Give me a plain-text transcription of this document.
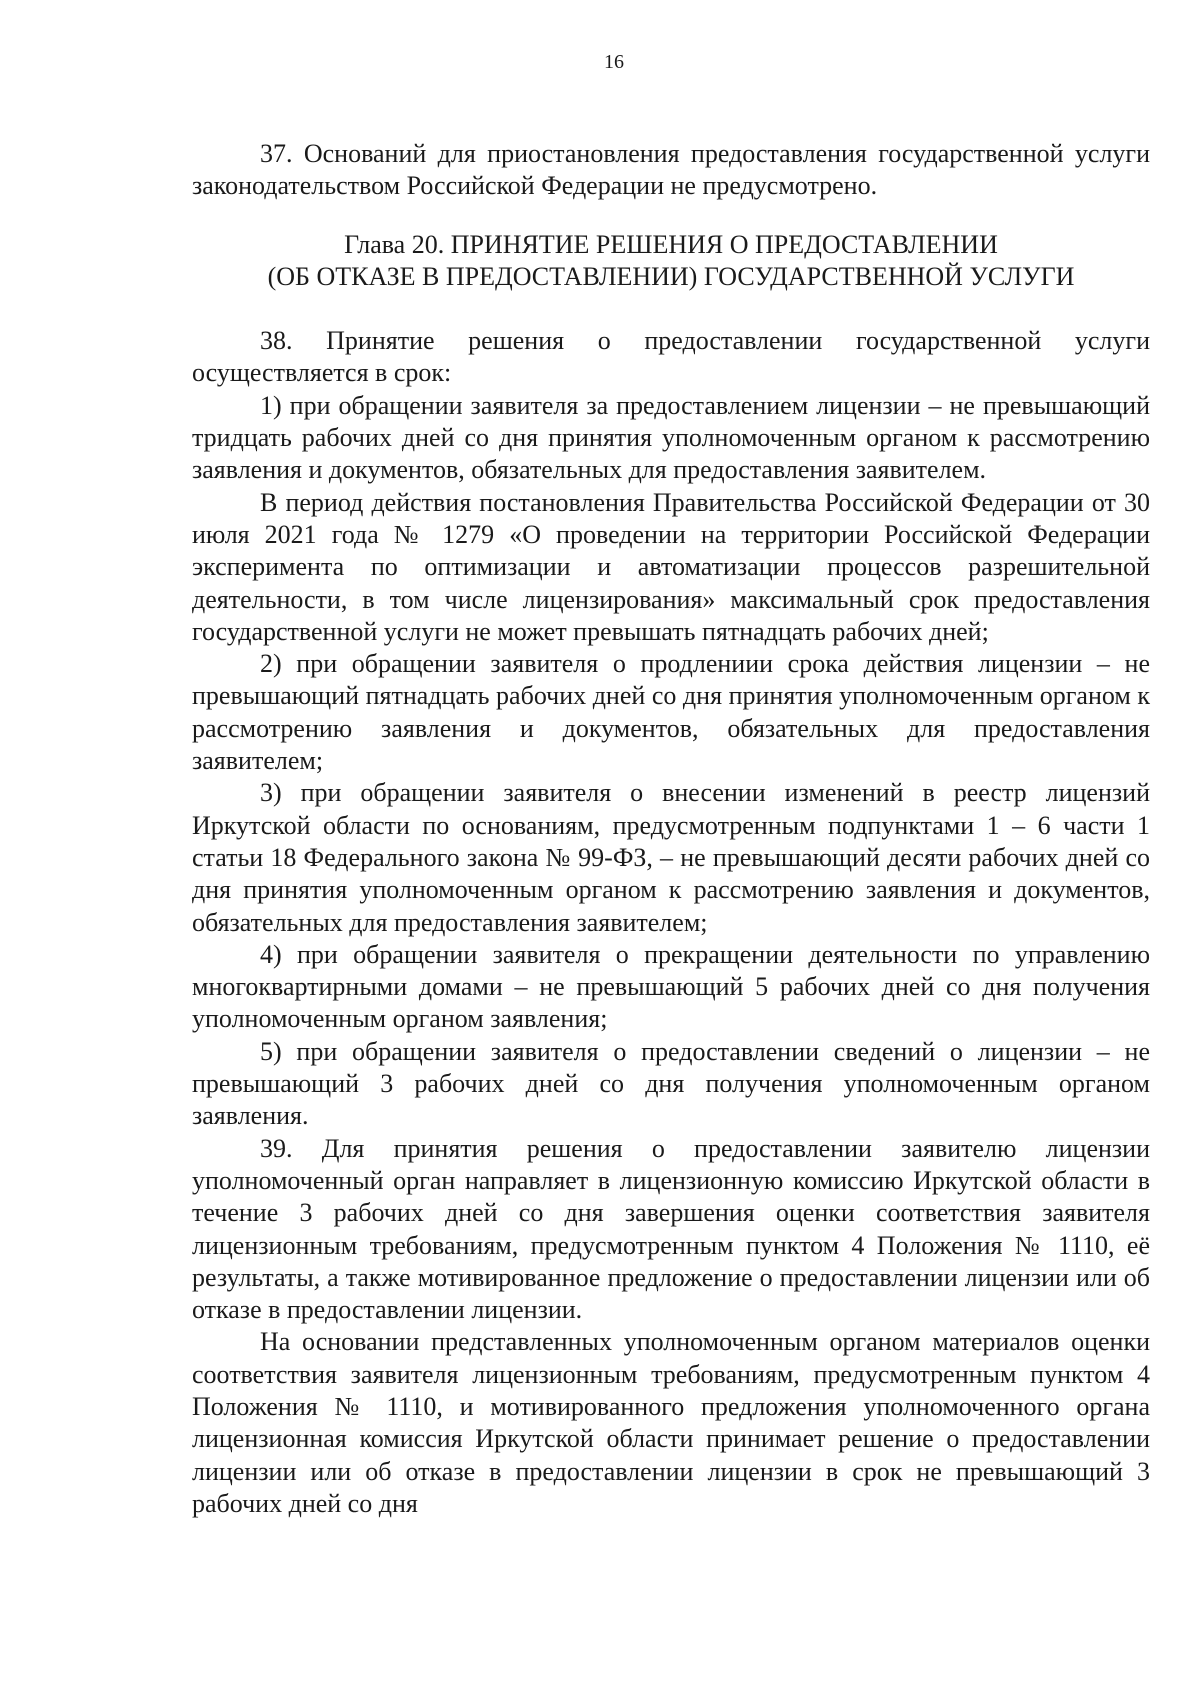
16

37. Оснований для приостановления предоставления государственной услуги законодательством Российской Федерации не предусмотрено.

Глава 20. ПРИНЯТИЕ РЕШЕНИЯ О ПРЕДОСТАВЛЕНИИ
(ОБ ОТКАЗЕ В ПРЕДОСТАВЛЕНИИ) ГОСУДАРСТВЕННОЙ УСЛУГИ

38. Принятие решения о предоставлении государственной услуги осуществляется в срок:

1) при обращении заявителя за предоставлением лицензии – не превышающий тридцать рабочих дней со дня принятия уполномоченным органом к рассмотрению заявления и документов, обязательных для предоставления заявителем.

В период действия постановления Правительства Российской Федерации от 30 июля 2021 года № 1279 «О проведении на территории Российской Федерации эксперимента по оптимизации и автоматизации процессов разрешительной деятельности, в том числе лицензирования» максимальный срок предоставления государственной услуги не может превышать пятнадцать рабочих дней;

2) при обращении заявителя о продлениии срока действия лицензии – не превышающий пятнадцать рабочих дней со дня принятия уполномоченным органом к рассмотрению заявления и документов, обязательных для предоставления заявителем;

3) при обращении заявителя о внесении изменений в реестр лицензий Иркутской области по основаниям, предусмотренным подпунктами 1 – 6 части 1 статьи 18 Федерального закона № 99-ФЗ, – не превышающий десяти рабочих дней со дня принятия уполномоченным органом к рассмотрению заявления и документов, обязательных для предоставления заявителем;

4) при обращении заявителя о прекращении деятельности по управлению многоквартирными домами – не превышающий 5 рабочих дней со дня получения уполномоченным органом заявления;

5) при обращении заявителя о предоставлении сведений о лицензии – не превышающий 3 рабочих дней со дня получения уполномоченным органом заявления.

39. Для принятия решения о предоставлении заявителю лицензии уполномоченный орган направляет в лицензионную комиссию Иркутской области в течение 3 рабочих дней со дня завершения оценки соответствия заявителя лицензионным требованиям, предусмотренным пунктом 4 Положения № 1110, её результаты, а также мотивированное предложение о предоставлении лицензии или об отказе в предоставлении лицензии.

На основании представленных уполномоченным органом материалов оценки соответствия заявителя лицензионным требованиям, предусмотренным пунктом 4 Положения № 1110, и мотивированного предложения уполномоченного органа лицензионная комиссия Иркутской области принимает решение о предоставлении лицензии или об отказе в предоставлении лицензии в срок не превышающий 3 рабочих дней со дня
